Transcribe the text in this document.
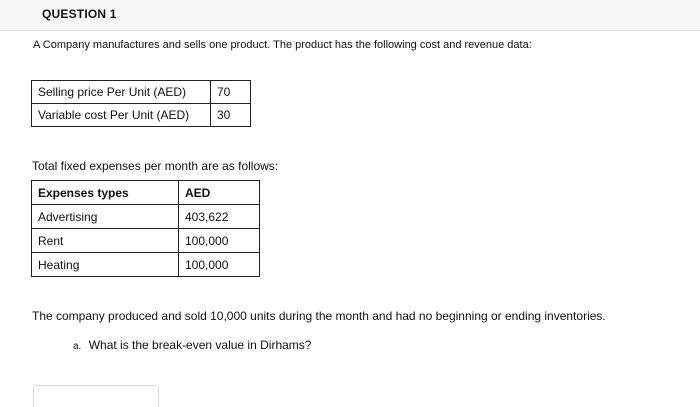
QUESTION 1
A Company manufactures and sells one product. The product has the following cost and revenue data:
Selling price Per Unit (AED)	70
Variable cost Per Unit (AED)	30
Total fixed expenses per month are as follows:
Expenses types	AED
Advertising	403,622
Rent	100,000
Heating	100,000
The company produced and sold 10,000 units during the month and had no beginning or ending inventories.
a. What is the break-even value in Dirhams?
